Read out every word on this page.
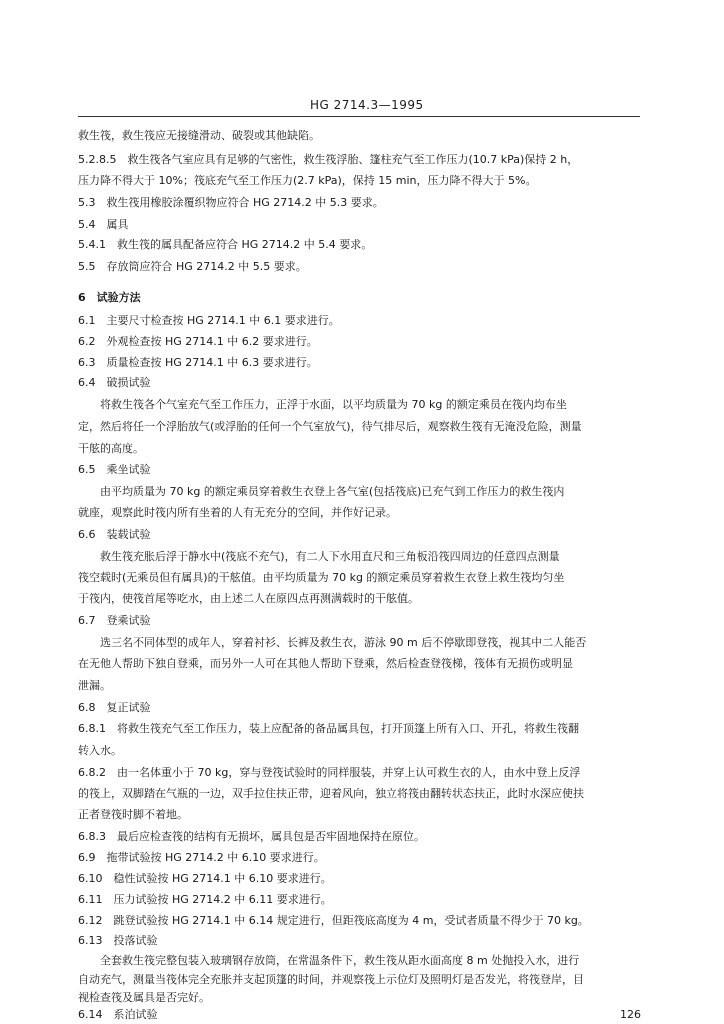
HG 2714.3—1995
救生筏，救生筏应无接缝滑动、破裂或其他缺陷。
5.2.8.5　救生筏各气室应具有足够的气密性，救生筏浮胎、篷柱充气至工作压力(10.7 kPa)保持 2 h，
压力降不得大于 10%；筏底充气至工作压力(2.7 kPa)，保持 15 min，压力降不得大于 5%。
5.3　救生筏用橡胶涂覆织物应符合 HG 2714.2 中 5.3 要求。
5.4　属具
5.4.1　救生筏的属具配备应符合 HG 2714.2 中 5.4 要求。
5.5　存放筒应符合 HG 2714.2 中 5.5 要求。
6　试验方法
6.1　主要尺寸检查按 HG 2714.1 中 6.1 要求进行。
6.2　外观检查按 HG 2714.1 中 6.2 要求进行。
6.3　质量检查按 HG 2714.1 中 6.3 要求进行。
6.4　破损试验
将救生筏各个气室充气至工作压力，正浮于水面，以平均质量为 70 kg 的额定乘员在筏内均布坐
定，然后将任一个浮胎放气(或浮胎的任何一个气室放气)，待气排尽后，观察救生筏有无淹没危险，测量
干舷的高度。
6.5　乘坐试验
由平均质量为 70 kg 的额定乘员穿着救生衣登上各气室(包括筏底)已充气到工作压力的救生筏内
就座，观察此时筏内所有坐着的人有无充分的空间，并作好记录。
6.6　装载试验
救生筏充胀后浮于静水中(筏底不充气)，有二人下水用直尺和三角板沿筏四周边的任意四点测量
筏空载时(无乘员但有属具)的干舷值。由平均质量为 70 kg 的额定乘员穿着救生衣登上救生筏均匀坐
于筏内，使筏首尾等吃水，由上述二人在原四点再测满载时的干舷值。
6.7　登乘试验
选三名不同体型的成年人，穿着衬衫、长裤及救生衣，游泳 90 m 后不停歇即登筏，视其中二人能否
在无他人帮助下独自登乘，而另外一人可在其他人帮助下登乘，然后检查登筏梯，筏体有无损伤或明显
泄漏。
6.8　复正试验
6.8.1　将救生筏充气至工作压力，装上应配备的备品属具包，打开顶篷上所有入口、开孔，将救生筏翻
转入水。
6.8.2　由一名体重小于 70 kg，穿与登筏试验时的同样服装，并穿上认可救生衣的人，由水中登上反浮
的筏上，双脚踏在气瓶的一边，双手拉住扶正带，迎着风向，独立将筏由翻转状态扶正，此时水深应使扶
正者登筏时脚不着地。
6.8.3　最后应检查筏的结构有无损坏，属具包是否牢固地保持在原位。
6.9　拖带试验按 HG 2714.2 中 6.10 要求进行。
6.10　稳性试验按 HG 2714.1 中 6.10 要求进行。
6.11　压力试验按 HG 2714.2 中 6.11 要求进行。
6.12　跳登试验按 HG 2714.1 中 6.14 规定进行，但距筏底高度为 4 m，受试者质量不得少于 70 kg。
6.13　投落试验
全套救生筏完整包装入玻璃钢存放筒，在常温条件下，救生筏从距水面高度 8 m 处抛投入水，进行
自动充气，测量当筏体完全充胀并支起顶篷的时间，并观察筏上示位灯及照明灯是否发光，将筏登岸，目
视检查筏及属具是否完好。
6.14　系泊试验	126
